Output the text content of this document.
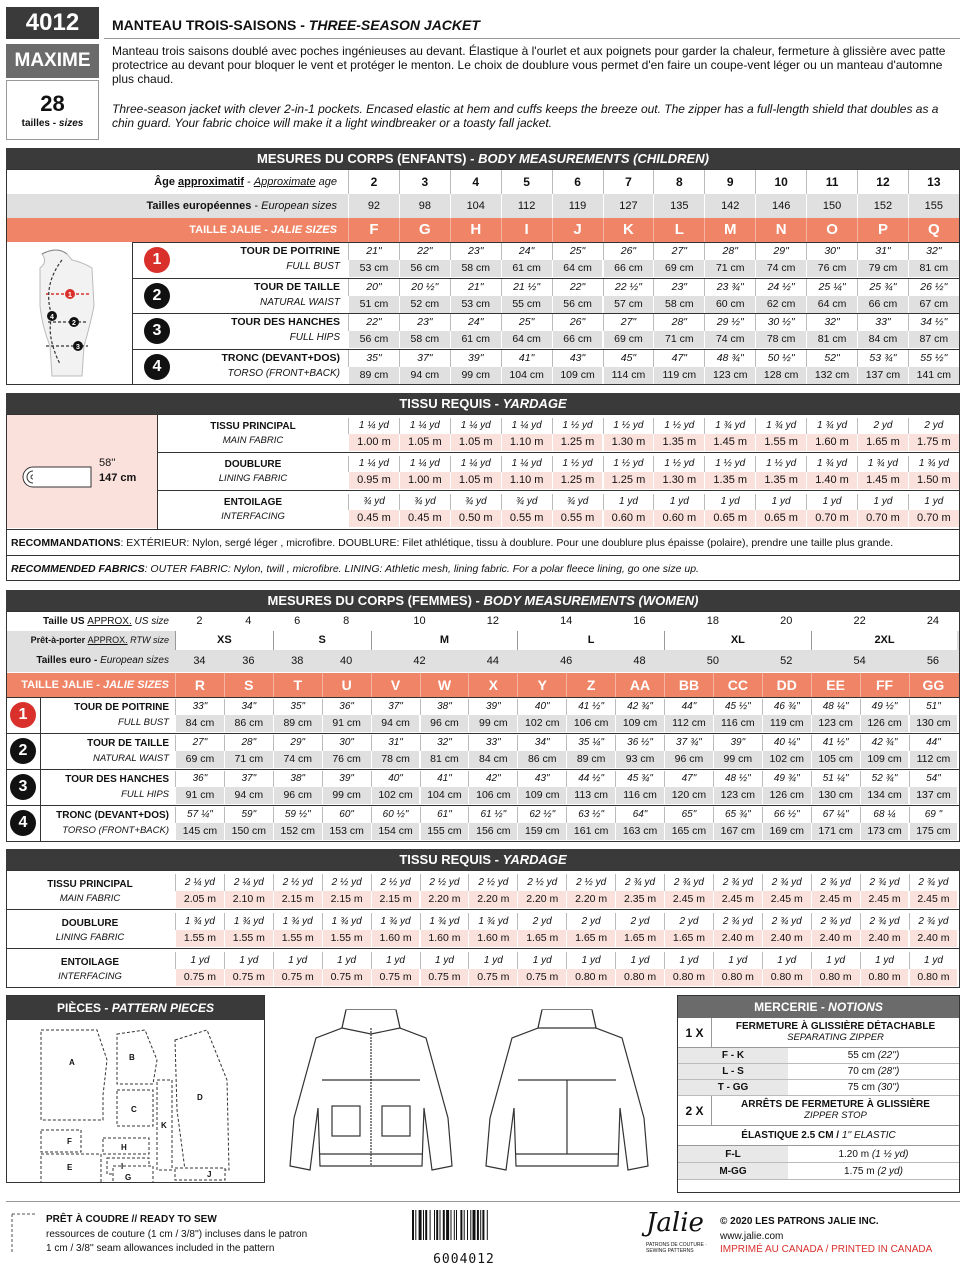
4012
MAXIME
28
tailles - sizes
MANTEAU TROIS-SAISONS - THREE-SEASON JACKET
Manteau trois saisons doublé avec poches ingénieuses au devant. Élastique à l'ourlet et aux poignets pour garder la chaleur, fermeture à glissière avec patte protectrice au devant pour bloquer le vent et protéger le menton. Le choix de doublure vous permet d'en faire un coupe-vent léger ou un manteau d'automne plus chaud.
Three-season jacket with clever 2-in-1 pockets. Encased elastic at hem and cuffs keeps the breeze out. The zipper has a full-length shield that doubles as a chin guard. Your fabric choice will make it a light windbreaker or a toasty fall jacket.
MESURES DU CORPS (ENFANTS) - BODY MEASUREMENTS (CHILDREN)
Âge approximatif - Approximate age	2	3	4	5	6	7	8	9	10	11	12	13
Tailles européennes - European sizes	92	98	104	112	119	127	135	142	146	150	152	155
TAILLE JALIE - JALIE SIZES	F	G	H	I	J	K	L	M	N	O	P	Q
1	TOUR DE POITRINE
FULL BUST
21"	22"	23"	24"	25"	26"	27"	28"	29"	30"	31"	32"
53 cm	56 cm	58 cm	61 cm	64 cm	66 cm	69 cm	71 cm	74 cm	76 cm	79 cm	81 cm
2	TOUR DE TAILLE
NATURAL WAIST
20"	20 ½"	21"	21 ½"	22"	22 ½"	23"	23 ¾"	24 ½"	25 ¼"	25 ¾"	26 ½"
51 cm	52 cm	53 cm	55 cm	56 cm	57 cm	58 cm	60 cm	62 cm	64 cm	66 cm	67 cm
3	TOUR DES HANCHES
FULL HIPS
22"	23"	24"	25"	26"	27"	28"	29 ½"	30 ½"	32"	33"	34 ½"
56 cm	58 cm	61 cm	64 cm	66 cm	69 cm	71 cm	74 cm	78 cm	81 cm	84 cm	87 cm
4	TRONC (DEVANT+DOS)
TORSO (FRONT+BACK)
35"	37"	39"	41"	43"	45"	47"	48 ¾"	50 ½"	52"	53 ¾"	55 ½"
89 cm	94 cm	99 cm	104 cm	109 cm	114 cm	119 cm	123 cm	128 cm	132 cm	137 cm	141 cm
1
2
3
4
TISSU REQUIS - YARDAGE
58''
147 cm
TISSU PRINCIPAL
MAIN FABRIC
1 ¼ yd	1 ¼ yd	1 ¼ yd	1 ¼ yd	1 ½ yd	1 ½ yd	1 ½ yd	1 ¾ yd	1 ¾ yd	1 ¾ yd	2 yd	2 yd
1.00 m	1.05 m	1.05 m	1.10 m	1.25 m	1.30 m	1.35 m	1.45 m	1.55 m	1.60 m	1.65 m	1.75 m
DOUBLURE
LINING FABRIC
1 ¼ yd	1 ¼ yd	1 ¼ yd	1 ¼ yd	1 ½ yd	1 ½ yd	1 ½ yd	1 ½ yd	1 ½ yd	1 ¾ yd	1 ¾ yd	1 ¾ yd
0.95 m	1.00 m	1.05 m	1.10 m	1.25 m	1.25 m	1.30 m	1.35 m	1.35 m	1.40 m	1.45 m	1.50 m
ENTOILAGE
INTERFACING
¾ yd	¾ yd	¾ yd	¾ yd	¾ yd	1 yd	1 yd	1 yd	1 yd	1 yd	1 yd	1 yd
0.45 m	0.45 m	0.50 m	0.55 m	0.55 m	0.60 m	0.60 m	0.65 m	0.65 m	0.70 m	0.70 m	0.70 m
RECOMMANDATIONS: EXTÉRIEUR: Nylon, sergé léger , microfibre. DOUBLURE: Filet athlétique, tissu à doublure. Pour une doublure plus épaisse (polaire), prendre une taille plus grande.
RECOMMENDED FABRICS: OUTER FABRIC: Nylon, twill , microfibre. LINING: Athletic mesh, lining fabric. For a polar fleece lining, go one size up.
MESURES DU CORPS (FEMMES) - BODY MEASUREMENTS (WOMEN)
Taille US APPROX. US size	2	4	6	8	10	12	14	16	18	20	22	24
Prêt-à-porter APPROX. RTW size	XS	S	M	L	XL	2XL
Tailles euro - European sizes	34	36	38	40	42	44	46	48	50	52	54	56
TAILLE JALIE - JALIE SIZES	R	S	T	U	V	W	X	Y	Z	AA	BB	CC	DD	EE	FF	GG
1	TOUR DE POITRINE
FULL BUST
33"	34"	35"	36"	37"	38"	39"	40"	41 ½"	42 ¾"	44"	45 ½"	46 ¾"	48 ¼"	49 ½"	51"
84 cm	86 cm	89 cm	91 cm	94 cm	96 cm	99 cm	102 cm	106 cm	109 cm	112 cm	116 cm	119 cm	123 cm	126 cm	130 cm
2	TOUR DE TAILLE
NATURAL WAIST
27"	28"	29"	30"	31"	32"	33"	34"	35 ¼"	36 ½"	37 ¾"	39"	40 ¼"	41 ½"	42 ¾"	44"
69 cm	71 cm	74 cm	76 cm	78 cm	81 cm	84 cm	86 cm	89 cm	93 cm	96 cm	99 cm	102 cm	105 cm	109 cm	112 cm
3	TOUR DES HANCHES
FULL HIPS
36"	37"	38"	39"	40"	41"	42"	43"	44 ½"	45 ¾"	47"	48 ½"	49 ¾"	51 ¼"	52 ¾"	54"
91 cm	94 cm	96 cm	99 cm	102 cm	104 cm	106 cm	109 cm	113 cm	116 cm	120 cm	123 cm	126 cm	130 cm	134 cm	137 cm
4	TRONC (DEVANT+DOS)
TORSO (FRONT+BACK)
57 ¼"	59"	59 ½"	60"	60 ½"	61"	61 ½"	62 ½"	63 ½"	64"	65"	65 ¾"	66 ½"	67 ¼"	68 ¼	69 "
145 cm	150 cm	152 cm	153 cm	154 cm	155 cm	156 cm	159 cm	161 cm	163 cm	165 cm	167 cm	169 cm	171 cm	173 cm	175 cm
TISSU REQUIS - YARDAGE
TISSU PRINCIPAL
MAIN FABRIC
2 ¼ yd	2 ¼ yd	2 ½ yd	2 ½ yd	2 ½ yd	2 ½ yd	2 ½ yd	2 ½ yd	2 ½ yd	2 ¾ yd	2 ¾ yd	2 ¾ yd	2 ¾ yd	2 ¾ yd	2 ¾ yd	2 ¾ yd
2.05 m	2.10 m	2.15 m	2.15 m	2.15 m	2.20 m	2.20 m	2.20 m	2.20 m	2.35 m	2.45 m	2.45 m	2.45 m	2.45 m	2.45 m	2.45 m
DOUBLURE
LINING FABRIC
1 ¾ yd	1 ¾ yd	1 ¾ yd	1 ¾ yd	1 ¾ yd	1 ¾ yd	1 ¾ yd	2 yd	2 yd	2 yd	2 yd	2 ¾ yd	2 ¾ yd	2 ¾ yd	2 ¾ yd	2 ¾ yd
1.55 m	1.55 m	1.55 m	1.55 m	1.60 m	1.60 m	1.60 m	1.65 m	1.65 m	1.65 m	1.65 m	2.40 m	2.40 m	2.40 m	2.40 m	2.40 m
ENTOILAGE
INTERFACING
1 yd	1 yd	1 yd	1 yd	1 yd	1 yd	1 yd	1 yd	1 yd	1 yd	1 yd	1 yd	1 yd	1 yd	1 yd	1 yd
0.75 m	0.75 m	0.75 m	0.75 m	0.75 m	0.75 m	0.75 m	0.75 m	0.80 m	0.80 m	0.80 m	0.80 m	0.80 m	0.80 m	0.80 m	0.80 m
PIÈCES - PATTERN PIECES
A
B
C
D
E
F
G
H
I
J
K
MERCERIE - NOTIONS
1 X	FERMETURE À GLISSIÈRE DÉTACHABLE
SEPARATING ZIPPER
F - K	55 cm (22'')
L - S	70 cm (28'')
T - GG	75 cm (30'')
2 X	ARRÊTS DE FERMETURE À GLISSIÈRE
ZIPPER STOP
ÉLASTIQUE 2.5 CM / 1'' ELASTIC
F-L	1.20 m (1 ½ yd)
M-GG	1.75 m (2 yd)
PRÊT À COUDRE // READY TO SEW
ressources de couture (1 cm / 3/8'') incluses dans le patron
1 cm / 3/8'' seam allowances included in the pattern
6004012
Jalie
PATRONS DE COUTURE · SEWING PATTERNS
© 2020 LES PATRONS JALIE INC.
www.jalie.com
IMPRIMÉ AU CANADA / PRINTED IN CANADA
